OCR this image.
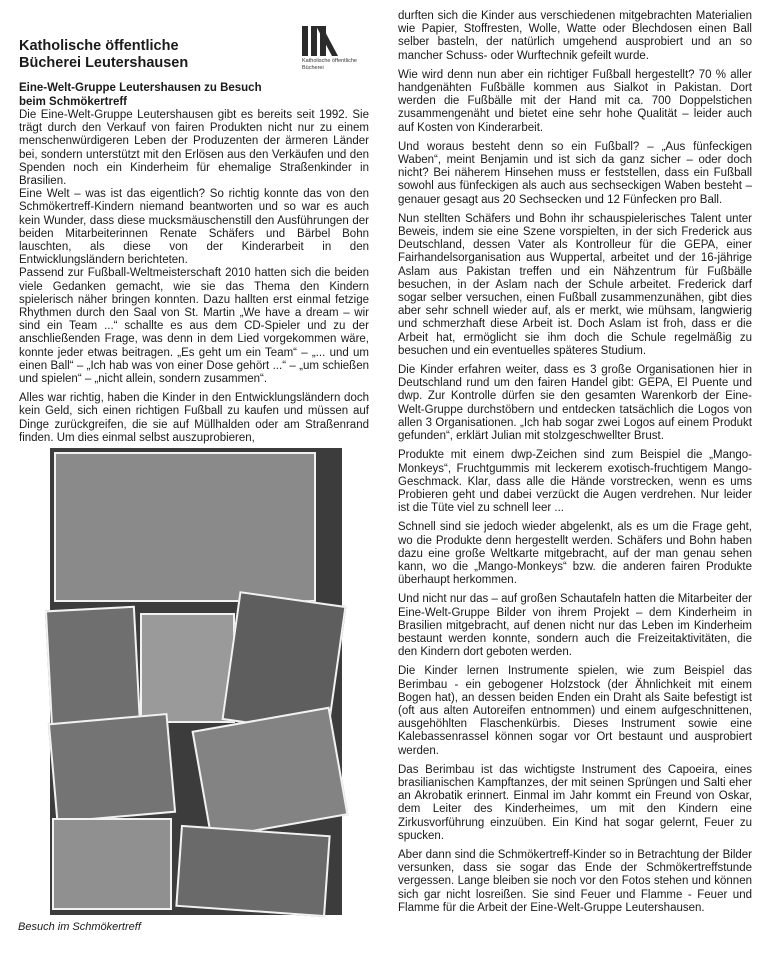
Katholische öffentliche
Bücherei
Katholische öffentliche
Bücherei Leutershausen
Eine-Welt-Gruppe Leutershausen zu Besuch
beim Schmökertreff

Die Eine-Welt-Gruppe Leutershausen gibt es bereits seit 1992. Sie trägt durch den Verkauf von fairen Produkten nicht nur zu einem menschenwürdigeren Leben der Produzenten der ärmeren Länder bei, sondern unterstützt mit den Erlösen aus den Verkäufen und den Spenden noch ein Kinderheim für ehemalige Straßenkinder in Brasilien.

Eine Welt – was ist das eigentlich? So richtig konnte das von den Schmökertreff-Kindern niemand beantworten und so war es auch kein Wunder, dass diese mucksmäuschenstill den Ausführungen der beiden Mitarbeiterinnen Renate Schäfers und Bärbel Bohn lauschten, als diese von der Kinderarbeit in den Entwicklungsländern berichteten.

Passend zur Fußball-Weltmeisterschaft 2010 hatten sich die beiden viele Gedanken gemacht, wie sie das Thema den Kindern spielerisch näher bringen konnten. Dazu hallten erst einmal fetzige Rhythmen durch den Saal von St. Martin „We have a dream – wir sind ein Team ...“ schallte es aus dem CD-Spieler und zu der anschließenden Frage, was denn in dem Lied vorgekommen wäre, konnte jeder etwas beitragen. „Es geht um ein Team“ – „... und um einen Ball“ – „Ich hab was von einer Dose gehört ...“ – „um schießen und spielen“ – „nicht allein, sondern zusammen“.

Alles war richtig, haben die Kinder in den Entwicklungsländern doch kein Geld, sich einen richtigen Fußball zu kaufen und müssen auf Dinge zurückgreifen, die sie auf Müllhalden oder am Straßenrand finden. Um dies einmal selbst auszuprobieren,

Besuch im Schmökertreff

durften sich die Kinder aus verschiedenen mitgebrachten Materialien wie Papier, Stoffresten, Wolle, Watte oder Blechdosen einen Ball selber basteln, der natürlich umgehend ausprobiert und an so mancher Schuss- oder Wurftechnik gefeilt wurde.

Wie wird denn nun aber ein richtiger Fußball hergestellt? 70 % aller handgenähten Fußbälle kommen aus Sialkot in Pakistan. Dort werden die Fußbälle mit der Hand mit ca. 700 Doppelstichen zusammengenäht und bietet eine sehr hohe Qualität – leider auch auf Kosten von Kinderarbeit.

Und woraus besteht denn so ein Fußball? – „Aus fünfeckigen Waben“, meint Benjamin und ist sich da ganz sicher – oder doch nicht? Bei näherem Hinsehen muss er feststellen, dass ein Fußball sowohl aus fünfeckigen als auch aus sechseckigen Waben besteht – genauer gesagt aus 20 Sechsecken und 12 Fünfecken pro Ball.

Nun stellten Schäfers und Bohn ihr schauspielerisches Talent unter Beweis, indem sie eine Szene vorspielten, in der sich Frederick aus Deutschland, dessen Vater als Kontrolleur für die GEPA, einer Fairhandelsorganisation aus Wuppertal, arbeitet und der 16-jährige Aslam aus Pakistan treffen und ein Nähzentrum für Fußbälle besuchen, in der Aslam nach der Schule arbeitet. Frederick darf sogar selber versuchen, einen Fußball zusammenzunähen, gibt dies aber sehr schnell wieder auf, als er merkt, wie mühsam, langwierig und schmerzhaft diese Arbeit ist. Doch Aslam ist froh, dass er die Arbeit hat, ermöglicht sie ihm doch die Schule regelmäßig zu besuchen und ein eventuelles späteres Studium.

Die Kinder erfahren weiter, dass es 3 große Organisationen hier in Deutschland rund um den fairen Handel gibt: GEPA, El Puente und dwp. Zur Kontrolle dürfen sie den gesamten Warenkorb der Eine-Welt-Gruppe durchstöbern und entdecken tatsächlich die Logos von allen 3 Organisationen. „Ich hab sogar zwei Logos auf einem Produkt gefunden“, erklärt Julian mit stolzgeschwellter Brust.

Produkte mit einem dwp-Zeichen sind zum Beispiel die „Mango-Monkeys“, Fruchtgummis mit leckerem exotisch-fruchtigem Mango-Geschmack. Klar, dass alle die Hände vorstrecken, wenn es ums Probieren geht und dabei verzückt die Augen verdrehen. Nur leider ist die Tüte viel zu schnell leer ...

Schnell sind sie jedoch wieder abgelenkt, als es um die Frage geht, wo die Produkte denn hergestellt werden. Schäfers und Bohn haben dazu eine große Weltkarte mitgebracht, auf der man genau sehen kann, wo die „Mango-Monkeys“ bzw. die anderen fairen Produkte überhaupt herkommen.

Und nicht nur das – auf großen Schautafeln hatten die Mitarbeiter der Eine-Welt-Gruppe Bilder von ihrem Projekt – dem Kinderheim in Brasilien mitgebracht, auf denen nicht nur das Leben im Kinderheim bestaunt werden konnte, sondern auch die Freizeitaktivitäten, die den Kindern dort geboten werden.

Die Kinder lernen Instrumente spielen, wie zum Beispiel das Berimbau - ein gebogener Holzstock (der Ähnlichkeit mit einem Bogen hat), an dessen beiden Enden ein Draht als Saite befestigt ist (oft aus alten Autoreifen entnommen) und einem aufgeschnittenen, ausgehöhlten Flaschenkürbis. Dieses Instrument sowie eine Kalebassenrassel können sogar vor Ort bestaunt und ausprobiert werden.

Das Berimbau ist das wichtigste Instrument des Capoeira, eines brasilianischen Kampftanzes, der mit seinen Sprüngen und Salti eher an Akrobatik erinnert. Einmal im Jahr kommt ein Freund von Oskar, dem Leiter des Kinderheimes, um mit den Kindern eine Zirkusvorführung einzuüben. Ein Kind hat sogar gelernt, Feuer zu spucken.

Aber dann sind die Schmökertreff-Kinder so in Betrachtung der Bilder versunken, dass sie sogar das Ende der Schmökertreffstunde vergessen. Lange bleiben sie noch vor den Fotos stehen und können sich gar nicht losreißen. Sie sind Feuer und Flamme - Feuer und Flamme für die Arbeit der Eine-Welt-Gruppe Leutershausen.
